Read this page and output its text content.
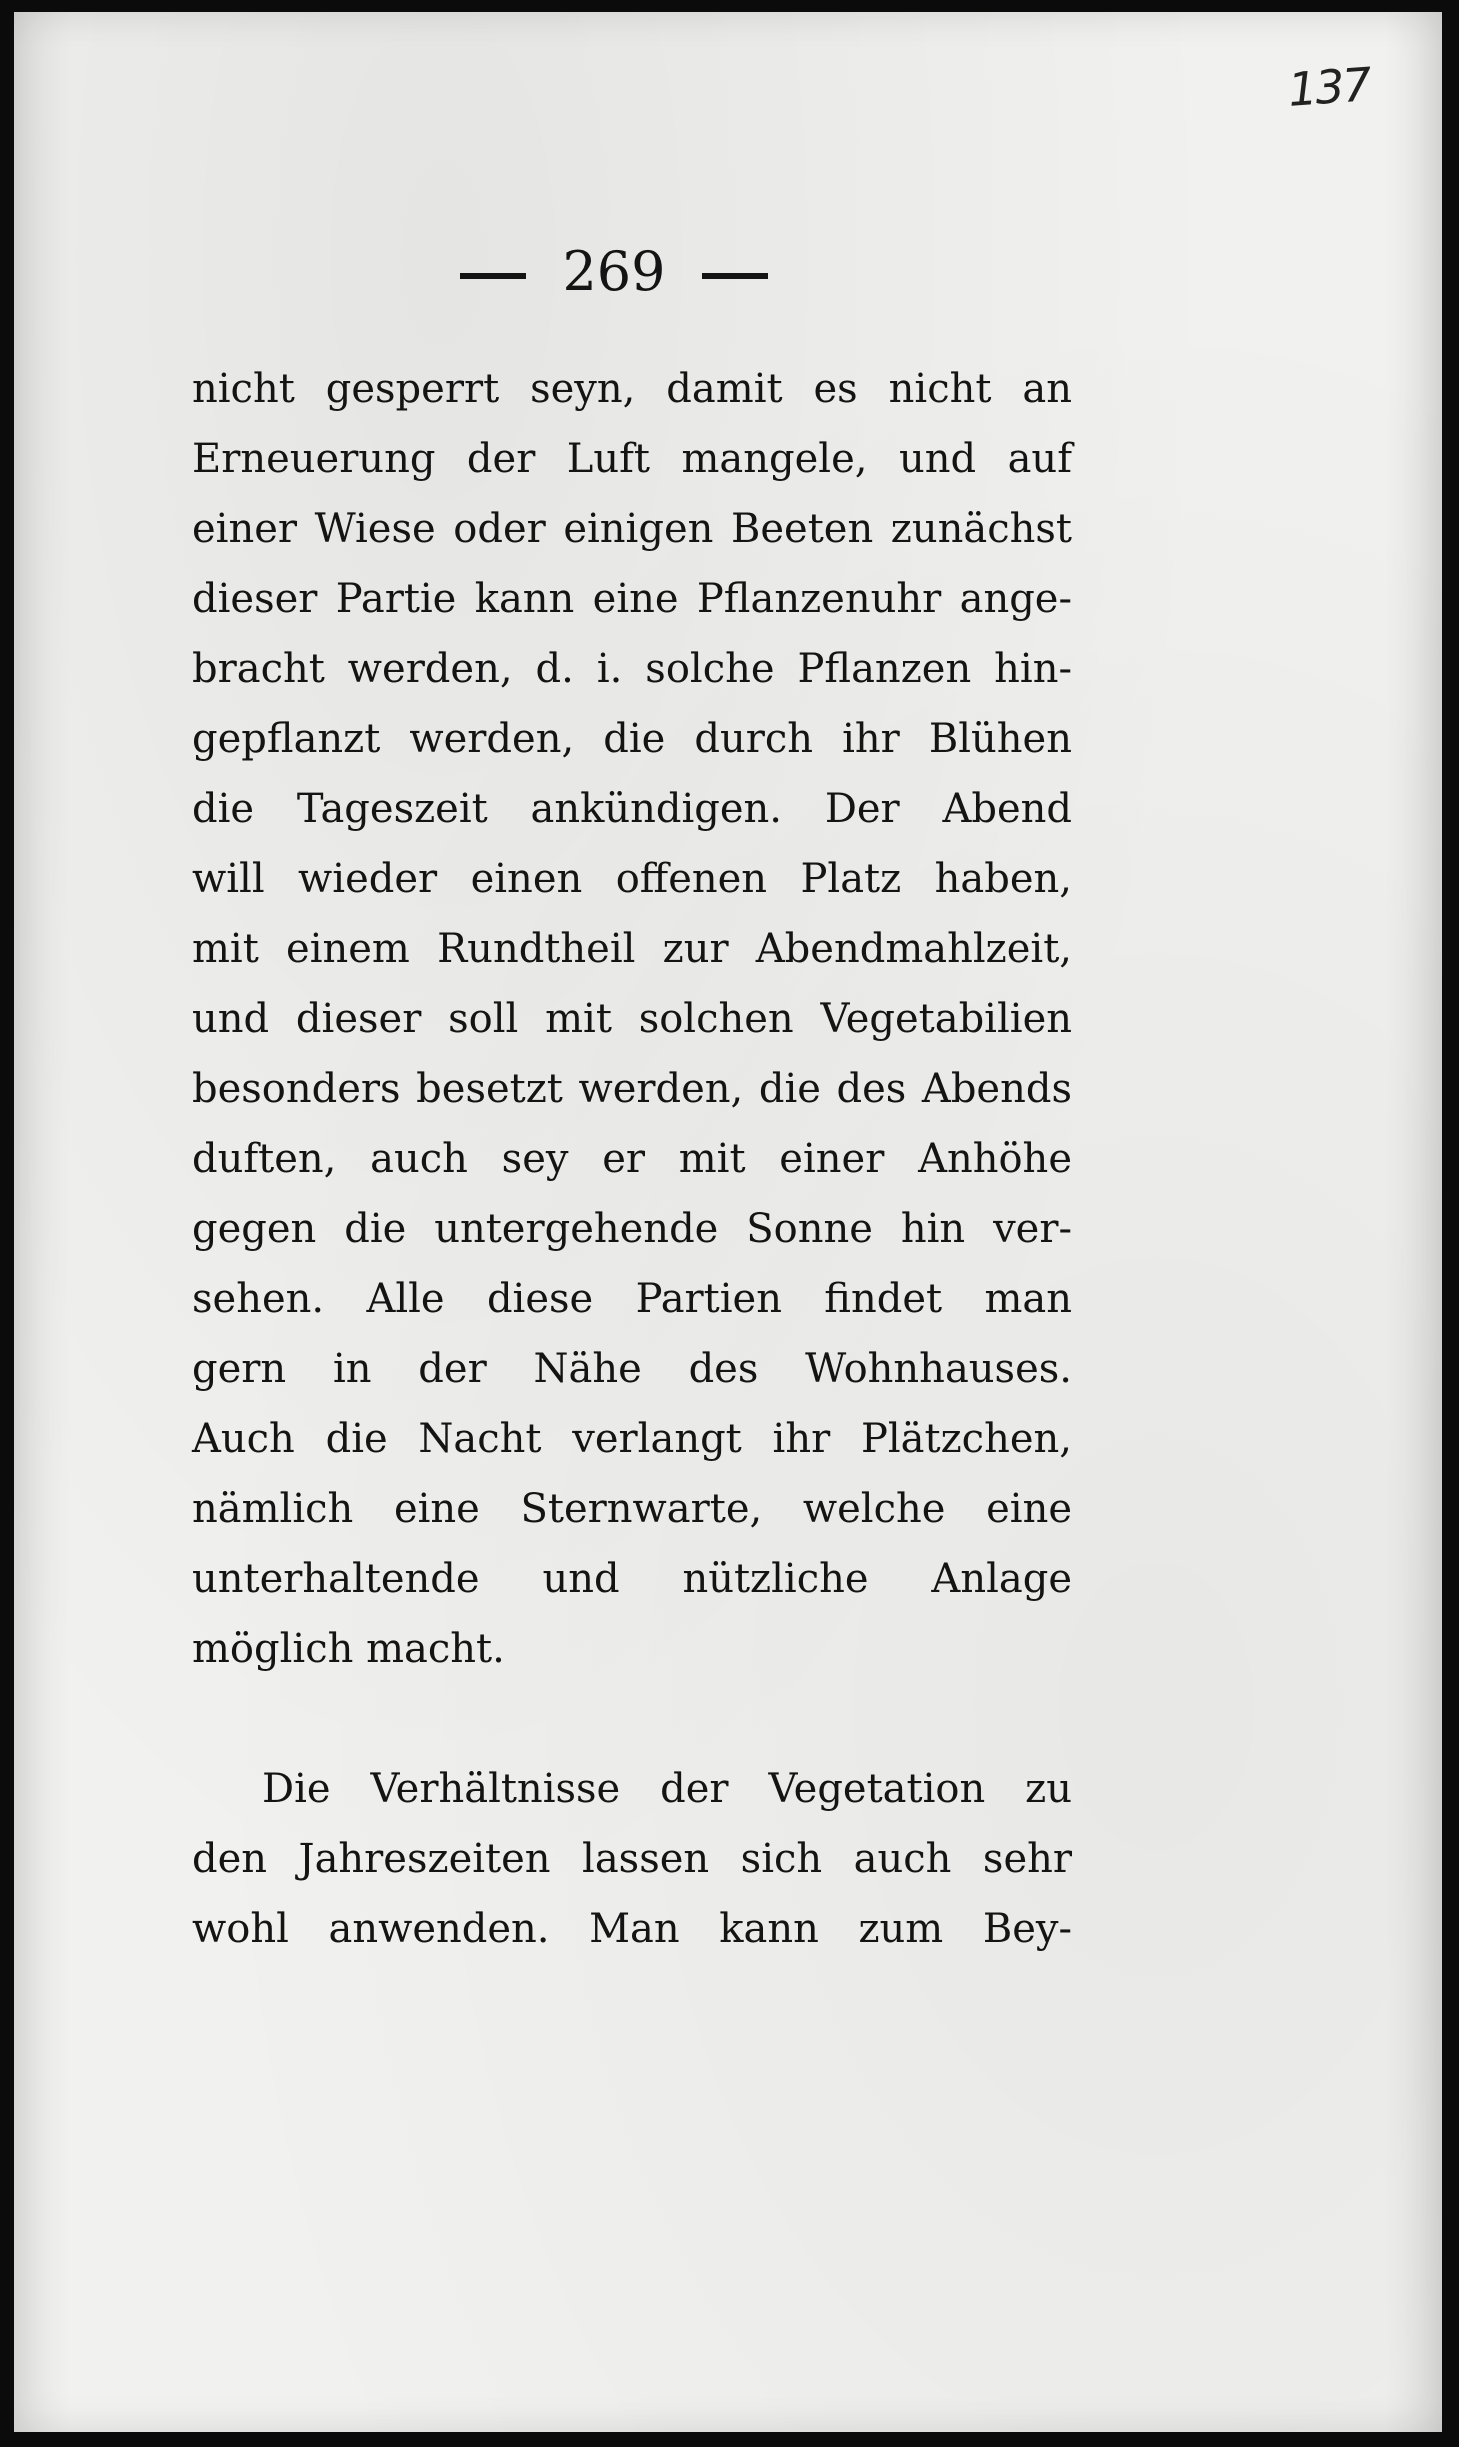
137
269
nicht gesperrt seyn, damit es nicht an
Erneuerung der Luft mangele, und auf
einer Wiese oder einigen Beeten zunächst
dieser Partie kann eine Pflanzenuhr ange-
bracht werden, d. i. solche Pflanzen hin-
gepflanzt werden, die durch ihr Blühen
die Tageszeit ankündigen. Der Abend
will wieder einen offenen Platz haben,
mit einem Rundtheil zur Abendmahlzeit,
und dieser soll mit solchen Vegetabilien
besonders besetzt werden, die des Abends
duften, auch sey er mit einer Anhöhe
gegen die untergehende Sonne hin ver-
sehen. Alle diese Partien findet man
gern in der Nähe des Wohnhauses.
Auch die Nacht verlangt ihr Plätzchen,
nämlich eine Sternwarte, welche eine
unterhaltende und nützliche Anlage
möglich macht.
Die Verhältnisse der Vegetation zu
den Jahreszeiten lassen sich auch sehr
wohl anwenden. Man kann zum Bey-
